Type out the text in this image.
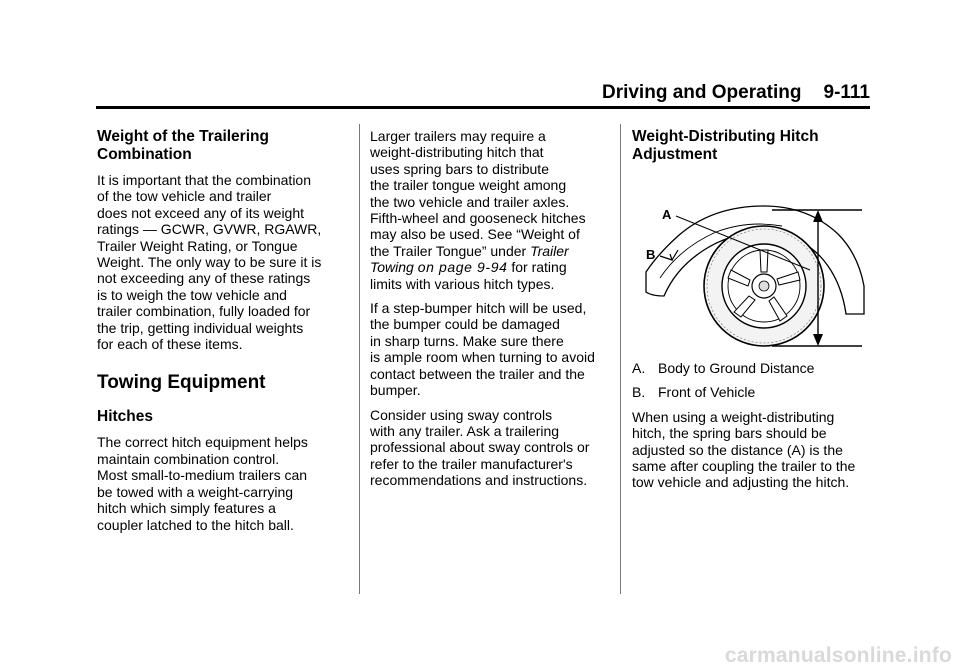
Driving and Operating 9-111
Weight of the Trailering
Combination

It is important that the combination
of the tow vehicle and trailer
does not exceed any of its weight
ratings — GCWR, GVWR, RGAWR,
Trailer Weight Rating, or Tongue
Weight. The only way to be sure it is
not exceeding any of these ratings
is to weigh the tow vehicle and
trailer combination, fully loaded for
the trip, getting individual weights
for each of these items.

Towing Equipment
Hitches

The correct hitch equipment helps
maintain combination control.
Most small-to-medium trailers can
be towed with a weight-carrying
hitch which simply features a
coupler latched to the hitch ball.

Larger trailers may require a
weight-distributing hitch that
uses spring bars to distribute
the trailer tongue weight among
the two vehicle and trailer axles.
Fifth-wheel and gooseneck hitches
may also be used. See “Weight of
the Trailer Tongue” under Trailer
Towing on page 9-94 for rating
limits with various hitch types.

If a step-bumper hitch will be used,
the bumper could be damaged
in sharp turns. Make sure there
is ample room when turning to avoid
contact between the trailer and the
bumper.

Consider using sway controls
with any trailer. Ask a trailering
professional about sway controls or
refer to the trailer manufacturer's
recommendations and instructions.

Weight-Distributing Hitch
Adjustment
A
B

A. Body to Ground Distance

B. Front of Vehicle

When using a weight-distributing
hitch, the spring bars should be
adjusted so the distance (A) is the
same after coupling the trailer to the
tow vehicle and adjusting the hitch.

carmanualsonline.info
